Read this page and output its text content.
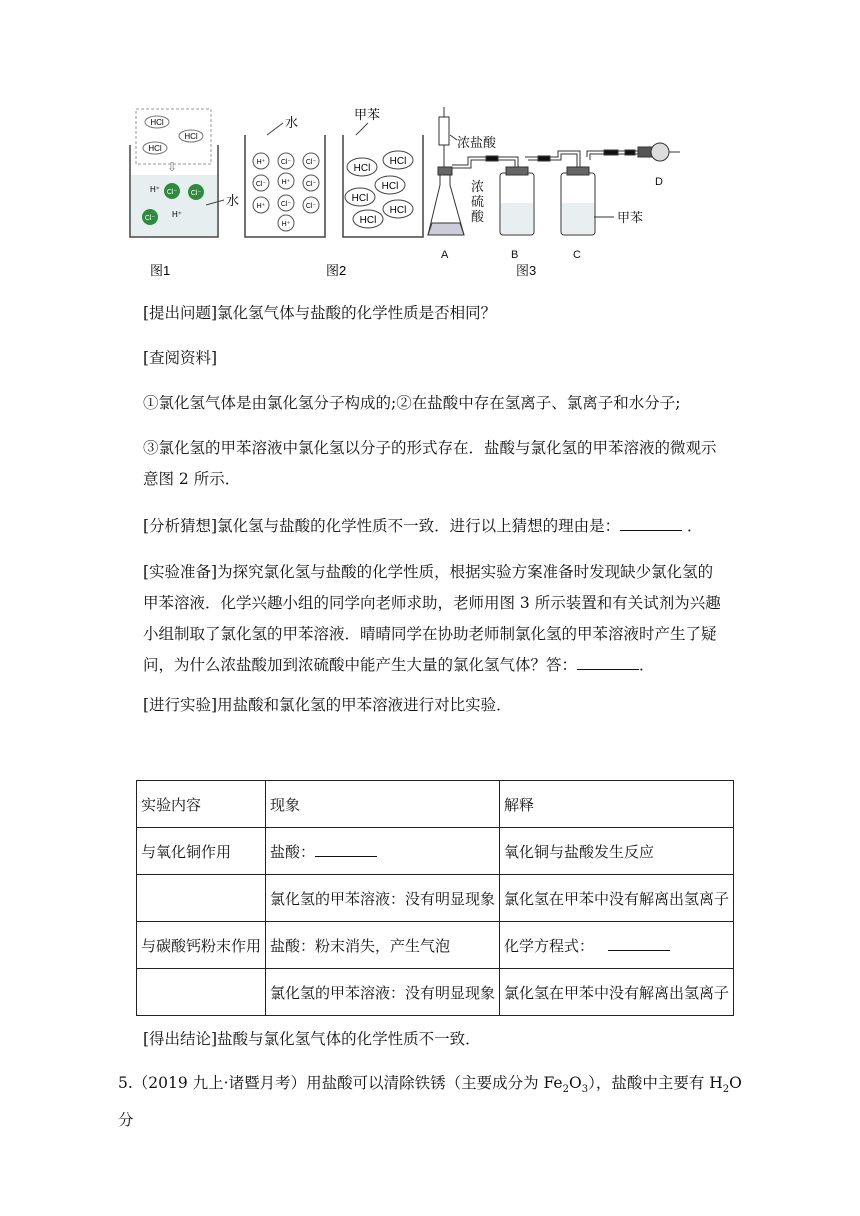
HCl
HCl
HCl
⇩
H⁺ Cl⁻ Cl⁻
Cl⁻ H⁺
水
图1
水
H⁺ Cl⁻ Cl⁻
Cl⁻ H⁺ Cl⁻
H⁺ Cl⁻ Cl⁻
H⁺
图2
甲苯
HCl
HCl
HCl
HCl
HCl
HCl
浓盐酸
浓
硫
酸	甲苯
A	B	C
D
图3
[提出问题]氯化氢气体与盐酸的化学性质是否相同？
[查阅资料]
①氯化氢气体是由氯化氢分子构成的;②在盐酸中存在氢离子、氯离子和水分子;
③氯化氢的甲苯溶液中氯化氢以分子的形式存在．盐酸与氯化氢的甲苯溶液的微观示意图 2 所示．
[分析猜想]氯化氢与盐酸的化学性质不一致．进行以上猜想的理由是：	．
[实验准备]为探究氯化氢与盐酸的化学性质，根据实验方案准备时发现缺少氯化氢的甲苯溶液．化学兴趣小组的同学向老师求助，老师用图 3 所示装置和有关试剂为兴趣小组制取了氯化氢的甲苯溶液．晴晴同学在协助老师制氯化氢的甲苯溶液时产生了疑问，为什么浓盐酸加到浓硫酸中能产生大量的氯化氢气体？答：	．
[进行实验]用盐酸和氯化氢的甲苯溶液进行对比实验．
实验内容	现象	解释
与氧化铜作用	盐酸：	氧化铜与盐酸发生反应
	氯化氢的甲苯溶液：没有明显现象	氯化氢在甲苯中没有解离出氢离子
与碳酸钙粉末作用	盐酸：粉末消失，产生气泡	化学方程式：
	氯化氢的甲苯溶液：没有明显现象	氯化氢在甲苯中没有解离出氢离子
[得出结论]盐酸与氯化氢气体的化学性质不一致．
5.（2019 九上·诸暨月考）用盐酸可以清除铁锈（主要成分为 $Fe_2O_3$），盐酸中主要有 $H_2O$ 分
